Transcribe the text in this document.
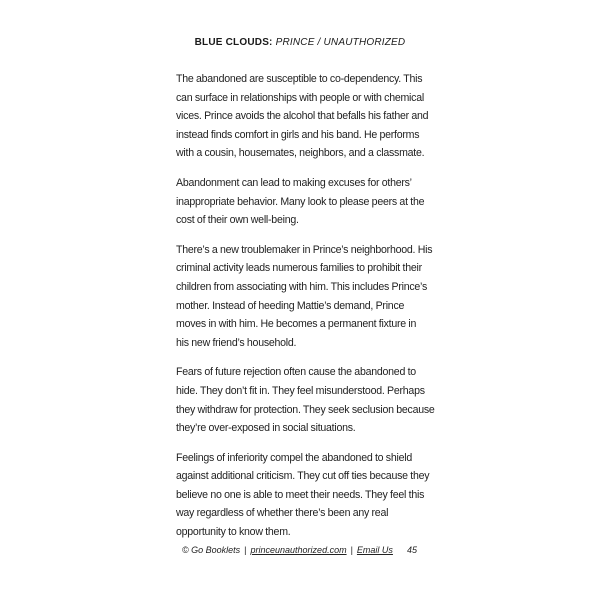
BLUE CLOUDS: PRINCE / UNAUTHORIZED

The abandoned are susceptible to co-dependency. This
can surface in relationships with people or with chemical
vices. Prince avoids the alcohol that befalls his father and
instead finds comfort in girls and his band. He performs
with a cousin, housemates, neighbors, and a classmate.

Abandonment can lead to making excuses for others’
inappropriate behavior. Many look to please peers at the
cost of their own well-being.

There’s a new troublemaker in Prince’s neighborhood. His
criminal activity leads numerous families to prohibit their
children from associating with him. This includes Prince’s
mother. Instead of heeding Mattie’s demand, Prince
moves in with him. He becomes a permanent fixture in
his new friend’s household.

Fears of future rejection often cause the abandoned to
hide. They don’t fit in. They feel misunderstood. Perhaps
they withdraw for protection. They seek seclusion because
they’re over-exposed in social situations.

Feelings of inferiority compel the abandoned to shield
against additional criticism. They cut off ties because they
believe no one is able to meet their needs. They feel this
way regardless of whether there’s been any real
opportunity to know them.

© Go Booklets | princeunauthorized.com | Email Us 45
